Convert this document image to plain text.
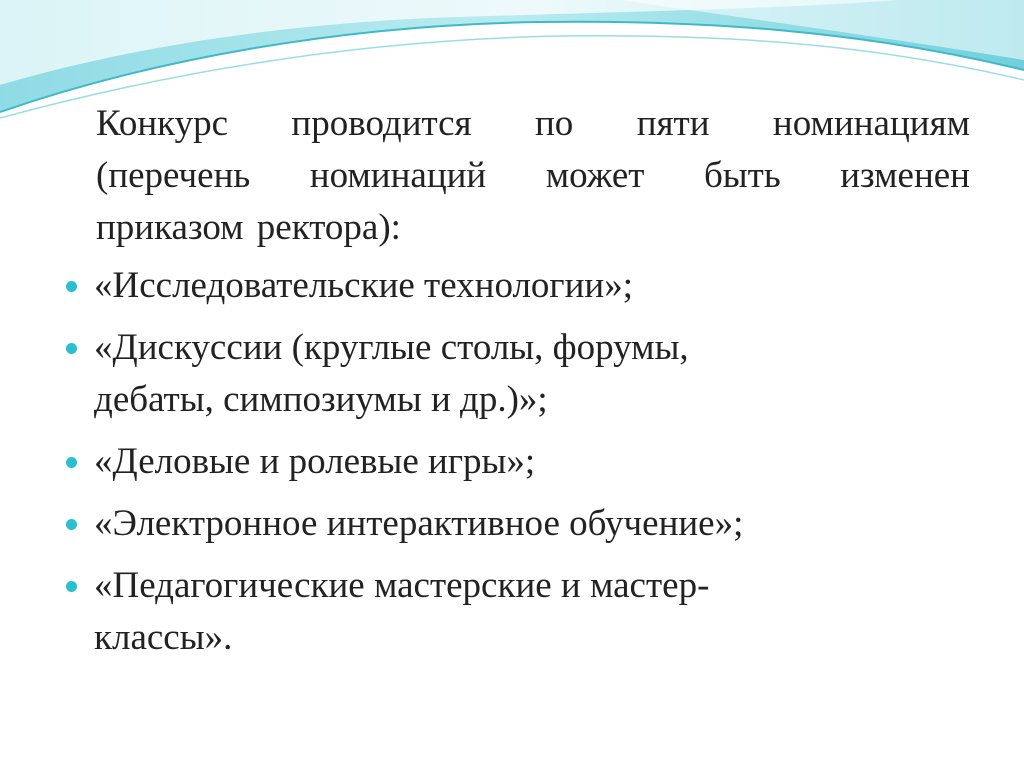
Конкурс проводится по пяти номинациям
(перечень номинаций может быть изменен
приказом ректора):
«Исследовательские технологии»;
«Дискуссии (круглые столы, форумы,
дебаты, симпозиумы и др.)»;
«Деловые и ролевые игры»;
«Электронное интерактивное обучение»;
«Педагогические мастерские и мастер-
классы».
